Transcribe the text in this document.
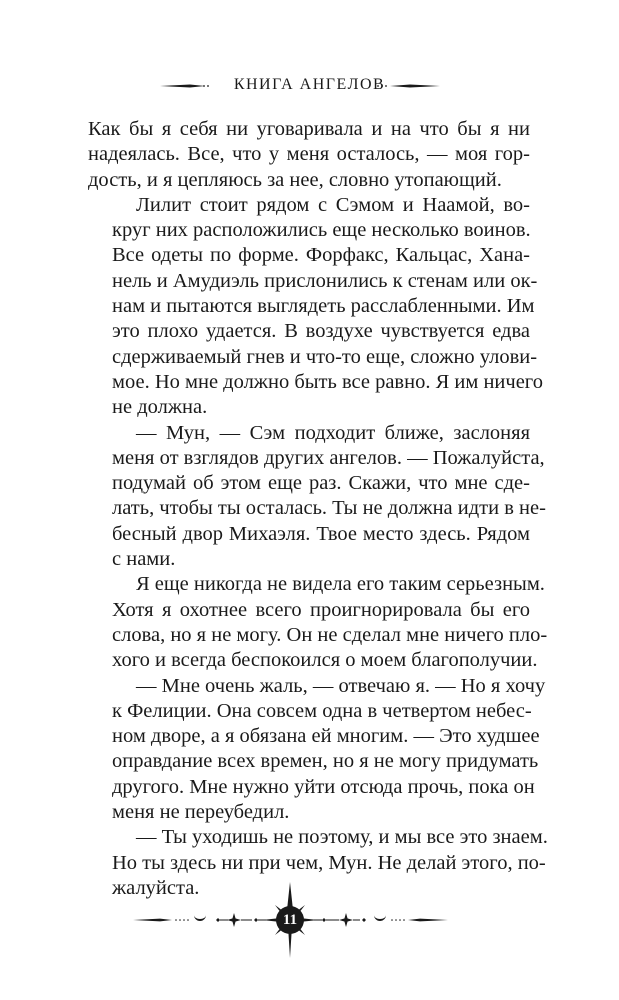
КНИГА АНГЕЛОВ
Как бы я себя ни уговаривала и на что бы я ни
надеялась. Все, что у меня осталось, — моя гор-
дость, и я цепляюсь за нее, словно утопающий.
Лилит стоит рядом с Сэмом и Наамой, во-
круг них расположились еще несколько воинов.
Все одеты по форме. Форфакс, Кальцас, Хана-
нель и Амудиэль прислонились к стенам или ок-
нам и пытаются выглядеть расслабленными. Им
это плохо удается. В воздухе чувствуется едва
сдерживаемый гнев и что-то еще, сложно улови-
мое. Но мне должно быть все равно. Я им ничего
не должна.
— Мун, — Сэм подходит ближе, заслоняя
меня от взглядов других ангелов. — Пожалуйста,
подумай об этом еще раз. Скажи, что мне сде-
лать, чтобы ты осталась. Ты не должна идти в не-
бесный двор Михаэля. Твое место здесь. Рядом
с нами.
Я еще никогда не видела его таким серьезным.
Хотя я охотнее всего проигнорировала бы его
слова, но я не могу. Он не сделал мне ничего пло-
хого и всегда беспокоился о моем благополучии.
— Мне очень жаль, — отвечаю я. — Но я хочу
к Фелиции. Она совсем одна в четвертом небес-
ном дворе, а я обязана ей многим. — Это худшее
оправдание всех времен, но я не могу придумать
другого. Мне нужно уйти отсюда прочь, пока он
меня не переубедил.
— Ты уходишь не поэтому, и мы все это знаем.
Но ты здесь ни при чем, Мун. Не делай этого, по-
жалуйста.
11
